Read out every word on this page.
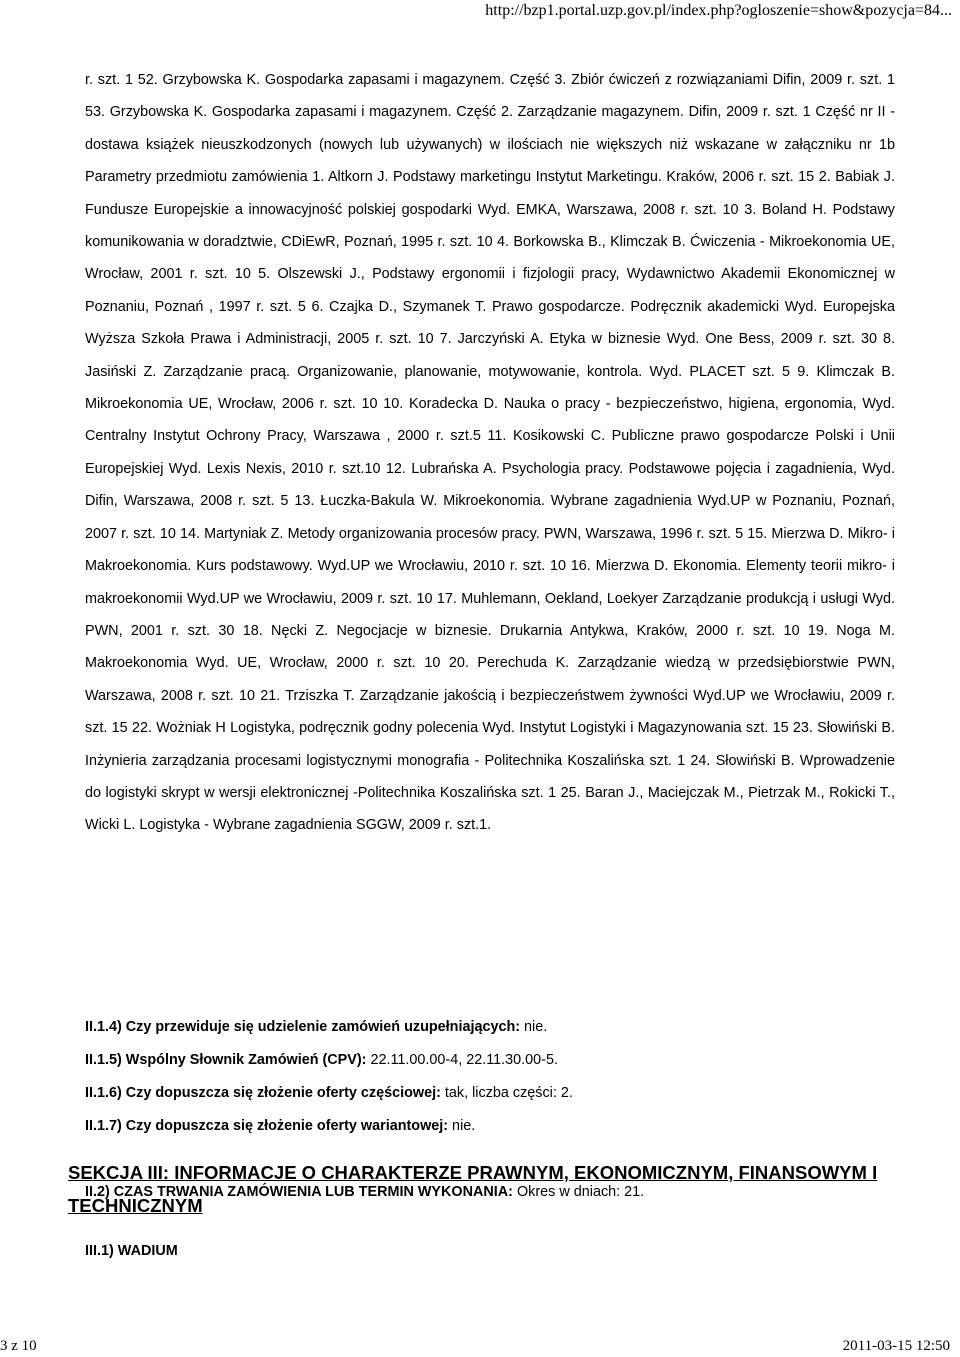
http://bzp1.portal.uzp.gov.pl/index.php?ogloszenie=show&pozycja=84...

r. szt. 1 52. Grzybowska K. Gospodarka zapasami i magazynem. Część 3. Zbiór ćwiczeń z rozwiązaniami Difin, 2009 r. szt. 1 53. Grzybowska K. Gospodarka zapasami i magazynem. Część 2. Zarządzanie magazynem. Difin, 2009 r. szt. 1 Część nr II - dostawa książek nieuszkodzonych (nowych lub używanych) w ilościach nie większych niż wskazane w załączniku nr 1b Parametry przedmiotu zamówienia 1. Altkorn J. Podstawy marketingu Instytut Marketingu. Kraków, 2006 r. szt. 15 2. Babiak J. Fundusze Europejskie a innowacyjność polskiej gospodarki Wyd. EMKA, Warszawa, 2008 r. szt. 10 3. Boland H. Podstawy komunikowania w doradztwie, CDiEwR, Poznań, 1995 r. szt. 10 4. Borkowska B., Klimczak B. Ćwiczenia - Mikroekonomia UE, Wrocław, 2001 r. szt. 10 5. Olszewski J., Podstawy ergonomii i fizjologii pracy, Wydawnictwo Akademii Ekonomicznej w Poznaniu, Poznań , 1997 r. szt. 5 6. Czajka D., Szymanek T. Prawo gospodarcze. Podręcznik akademicki Wyd. Europejska Wyższa Szkoła Prawa i Administracji, 2005 r. szt. 10 7. Jarczyński A. Etyka w biznesie Wyd. One Bess, 2009 r. szt. 30 8. Jasiński Z. Zarządzanie pracą. Organizowanie, planowanie, motywowanie, kontrola. Wyd. PLACET szt. 5 9. Klimczak B. Mikroekonomia UE, Wrocław, 2006 r. szt. 10 10. Koradecka D. Nauka o pracy - bezpieczeństwo, higiena, ergonomia, Wyd. Centralny Instytut Ochrony Pracy, Warszawa , 2000 r. szt.5 11. Kosikowski C. Publiczne prawo gospodarcze Polski i Unii Europejskiej Wyd. Lexis Nexis, 2010 r. szt.10 12. Lubrańska A. Psychologia pracy. Podstawowe pojęcia i zagadnienia, Wyd. Difin, Warszawa, 2008 r. szt. 5 13. Łuczka-Bakula W. Mikroekonomia. Wybrane zagadnienia Wyd.UP w Poznaniu, Poznań, 2007 r. szt. 10 14. Martyniak Z. Metody organizowania procesów pracy. PWN, Warszawa, 1996 r. szt. 5 15. Mierzwa D. Mikro- i Makroekonomia. Kurs podstawowy. Wyd.UP we Wrocławiu, 2010 r. szt. 10 16. Mierzwa D. Ekonomia. Elementy teorii mikro- i makroekonomii Wyd.UP we Wrocławiu, 2009 r. szt. 10 17. Muhlemann, Oekland, Loekyer Zarządzanie produkcją i usługi Wyd. PWN, 2001 r. szt. 30 18. Nęcki Z. Negocjacje w biznesie. Drukarnia Antykwa, Kraków, 2000 r. szt. 10 19. Noga M. Makroekonomia Wyd. UE, Wrocław, 2000 r. szt. 10 20. Perechuda K. Zarządzanie wiedzą w przedsiębiorstwie PWN, Warszawa, 2008 r. szt. 10 21. Trziszka T. Zarządzanie jakością i bezpieczeństwem żywności Wyd.UP we Wrocławiu, 2009 r. szt. 15 22. Wożniak H Logistyka, podręcznik godny polecenia Wyd. Instytut Logistyki i Magazynowania szt. 15 23. Słowiński B. Inżynieria zarządzania procesami logistycznymi monografia - Politechnika Koszalińska szt. 1 24. Słowiński B. Wprowadzenie do logistyki skrypt w wersji elektronicznej -Politechnika Koszalińska szt. 1 25. Baran J., Maciejczak M., Pietrzak M., Rokicki T., Wicki L. Logistyka - Wybrane zagadnienia SGGW, 2009 r. szt.1.

II.1.4) Czy przewiduje się udzielenie zamówień uzupełniających: nie.
II.1.5) Wspólny Słownik Zamówień (CPV): 22.11.00.00-4, 22.11.30.00-5.
II.1.6) Czy dopuszcza się złożenie oferty częściowej: tak, liczba części: 2.
II.1.7) Czy dopuszcza się złożenie oferty wariantowej: nie.
II.2) CZAS TRWANIA ZAMÓWIENIA LUB TERMIN WYKONANIA: Okres w dniach: 21.
SEKCJA III: INFORMACJE O CHARAKTERZE PRAWNYM, EKONOMICZNYM, FINANSOWYM I TECHNICZNYM
III.1) WADIUM
3 z 10	2011-03-15 12:50
